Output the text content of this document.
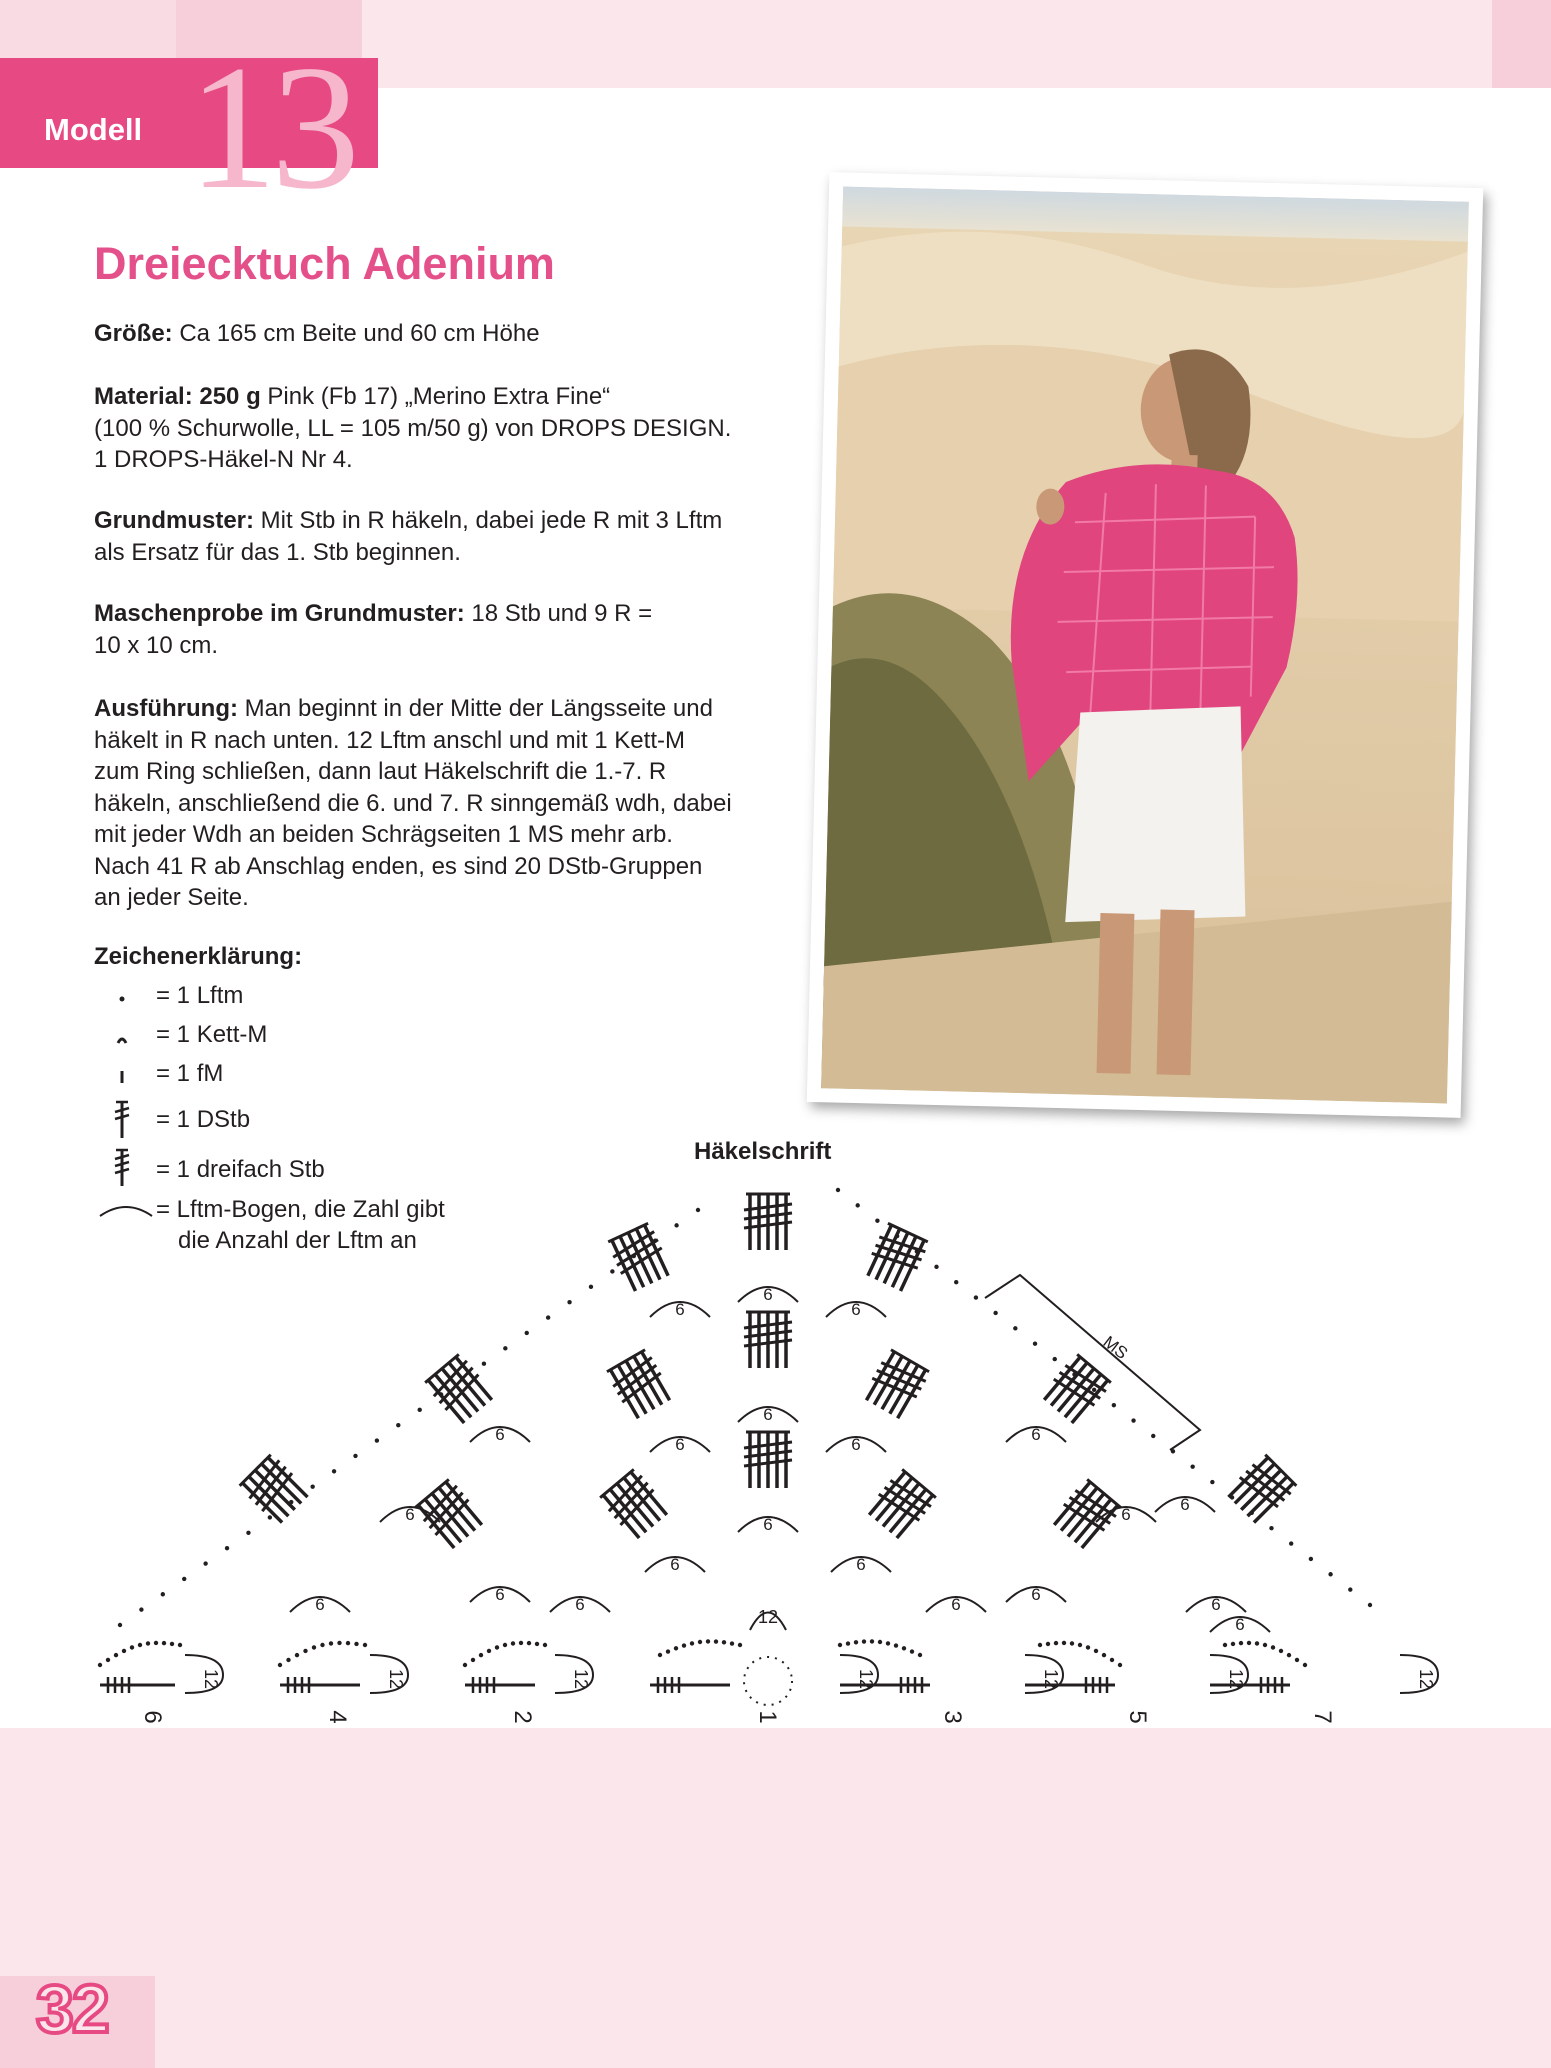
Modell 13
Dreiecktuch Adenium
Größe: Ca 165 cm Beite und 60 cm Höhe
Material: 250 g Pink (Fb 17) „Merino Extra Fine“
(100 % Schurwolle, LL = 105 m/50 g) von DROPS DESIGN.
1 DROPS-Häkel-N Nr 4.
Grundmuster: Mit Stb in R häkeln, dabei jede R mit 3 Lftm
als Ersatz für das 1. Stb beginnen.
Maschenprobe im Grundmuster: 18 Stb und 9 R =
10 x 10 cm.
Ausführung: Man beginnt in der Mitte der Längsseite und
häkelt in R nach unten. 12 Lftm anschl und mit 1 Kett-M
zum Ring schließen, dann laut Häkelschrift die 1.-7. R
häkeln, anschließend die 6. und 7. R sinngemäß wdh, dabei
mit jeder Wdh an beiden Schrägseiten 1 MS mehr arb.
Nach 41 R ab Anschlag enden, es sind 20 DStb-Gruppen
an jeder Seite.
Zeichenerklärung:
= 1 Lftm
= 1 Kett-M
= 1 fM
= 1 DStb
= 1 dreifach Stb
= Lftm-Bogen, die Zahl gibt
die Anzahl der Lftm an
Häkelschrift
6	4	2	1	3	5	7
12	12	12	12	12	12	12
6
6	6
6
6	6
6
6	6
6	6
6	6
6	6
6	6
6	6
6
6
12
MS
32
